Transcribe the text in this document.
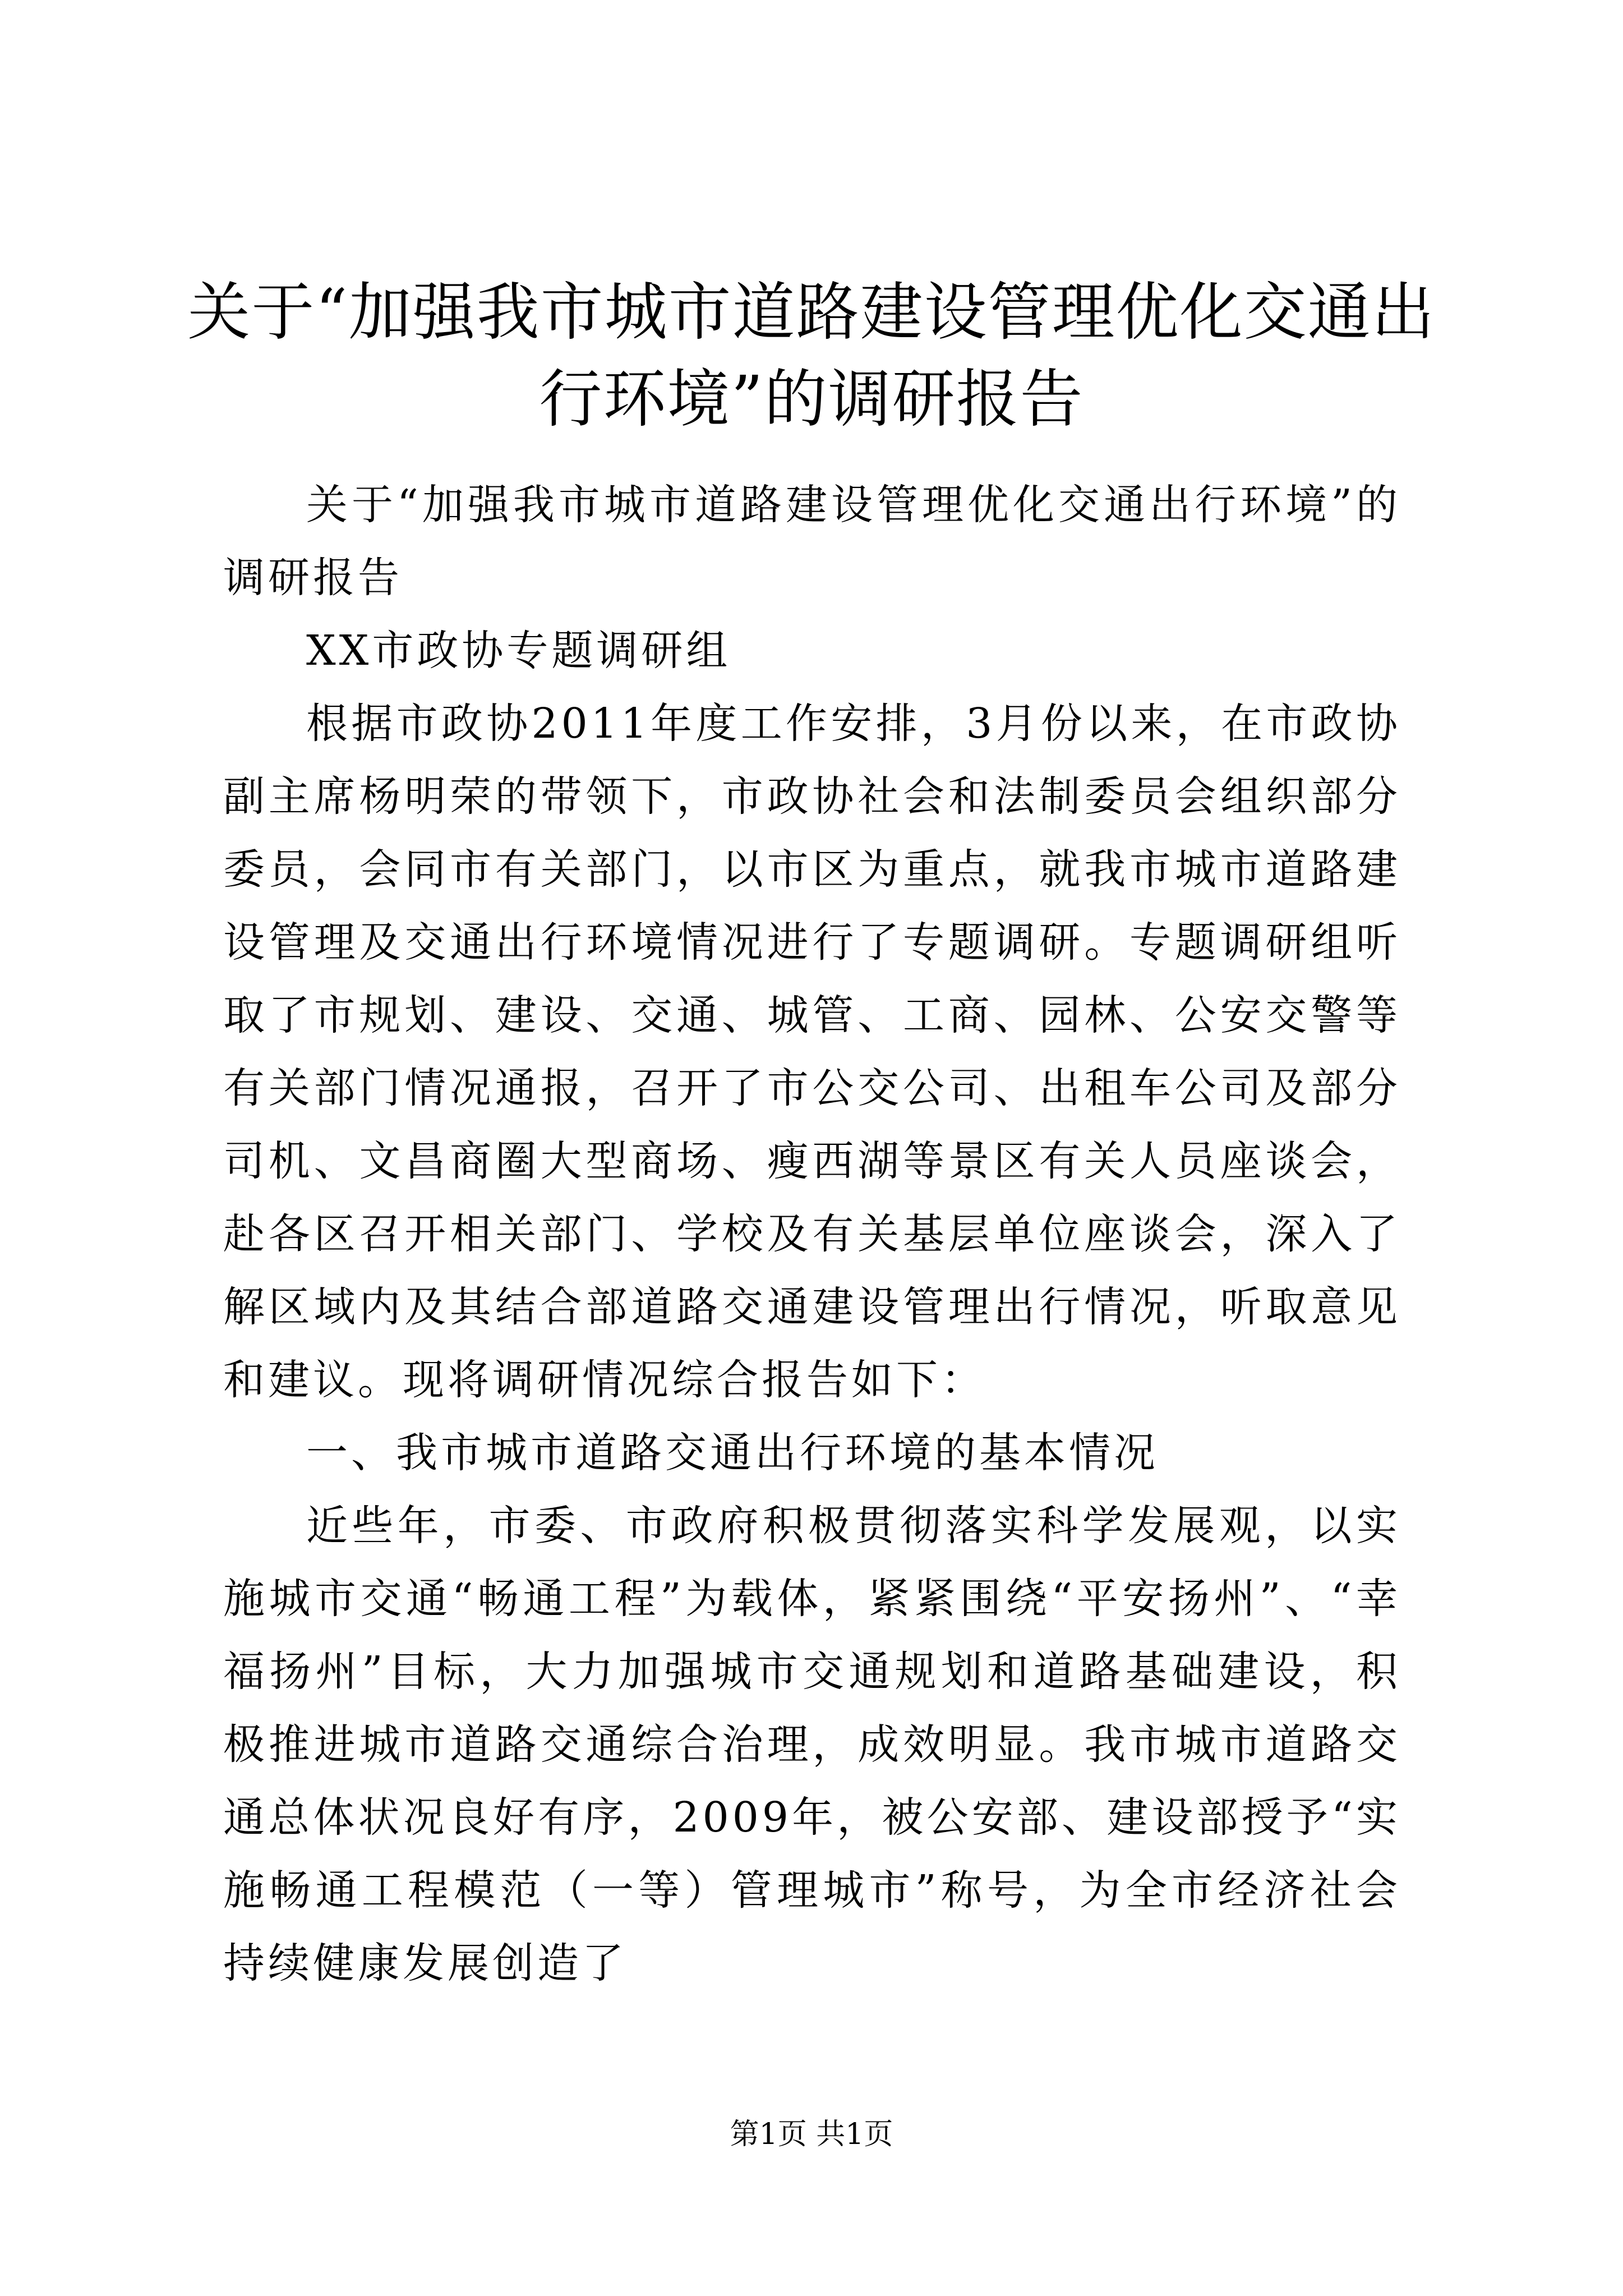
关于“加强我市城市道路建设管理优化交通出行环境”的调研报告

关于“加强我市城市道路建设管理优化交通出行环境”的调研报告

XX市政协专题调研组

根据市政协2011年度工作安排，3月份以来，在市政协副主席杨明荣的带领下，市政协社会和法制委员会组织部分委员，会同市有关部门，以市区为重点，就我市城市道路建设管理及交通出行环境情况进行了专题调研。专题调研组听取了市规划、建设、交通、城管、工商、园林、公安交警等有关部门情况通报，召开了市公交公司、出租车公司及部分司机、文昌商圈大型商场、瘦西湖等景区有关人员座谈会，赴各区召开相关部门、学校及有关基层单位座谈会，深入了解区域内及其结合部道路交通建设管理出行情况，听取意见和建议。现将调研情况综合报告如下：

一、我市城市道路交通出行环境的基本情况

近些年，市委、市政府积极贯彻落实科学发展观，以实施城市交通“畅通工程”为载体，紧紧围绕“平安扬州”、“幸福扬州”目标，大力加强城市交通规划和道路基础建设，积极推进城市道路交通综合治理，成效明显。我市城市道路交通总体状况良好有序，2009年，被公安部、建设部授予“实施畅通工程模范（一等）管理城市”称号，为全市经济社会持续健康发展创造了

第1页 共1页
